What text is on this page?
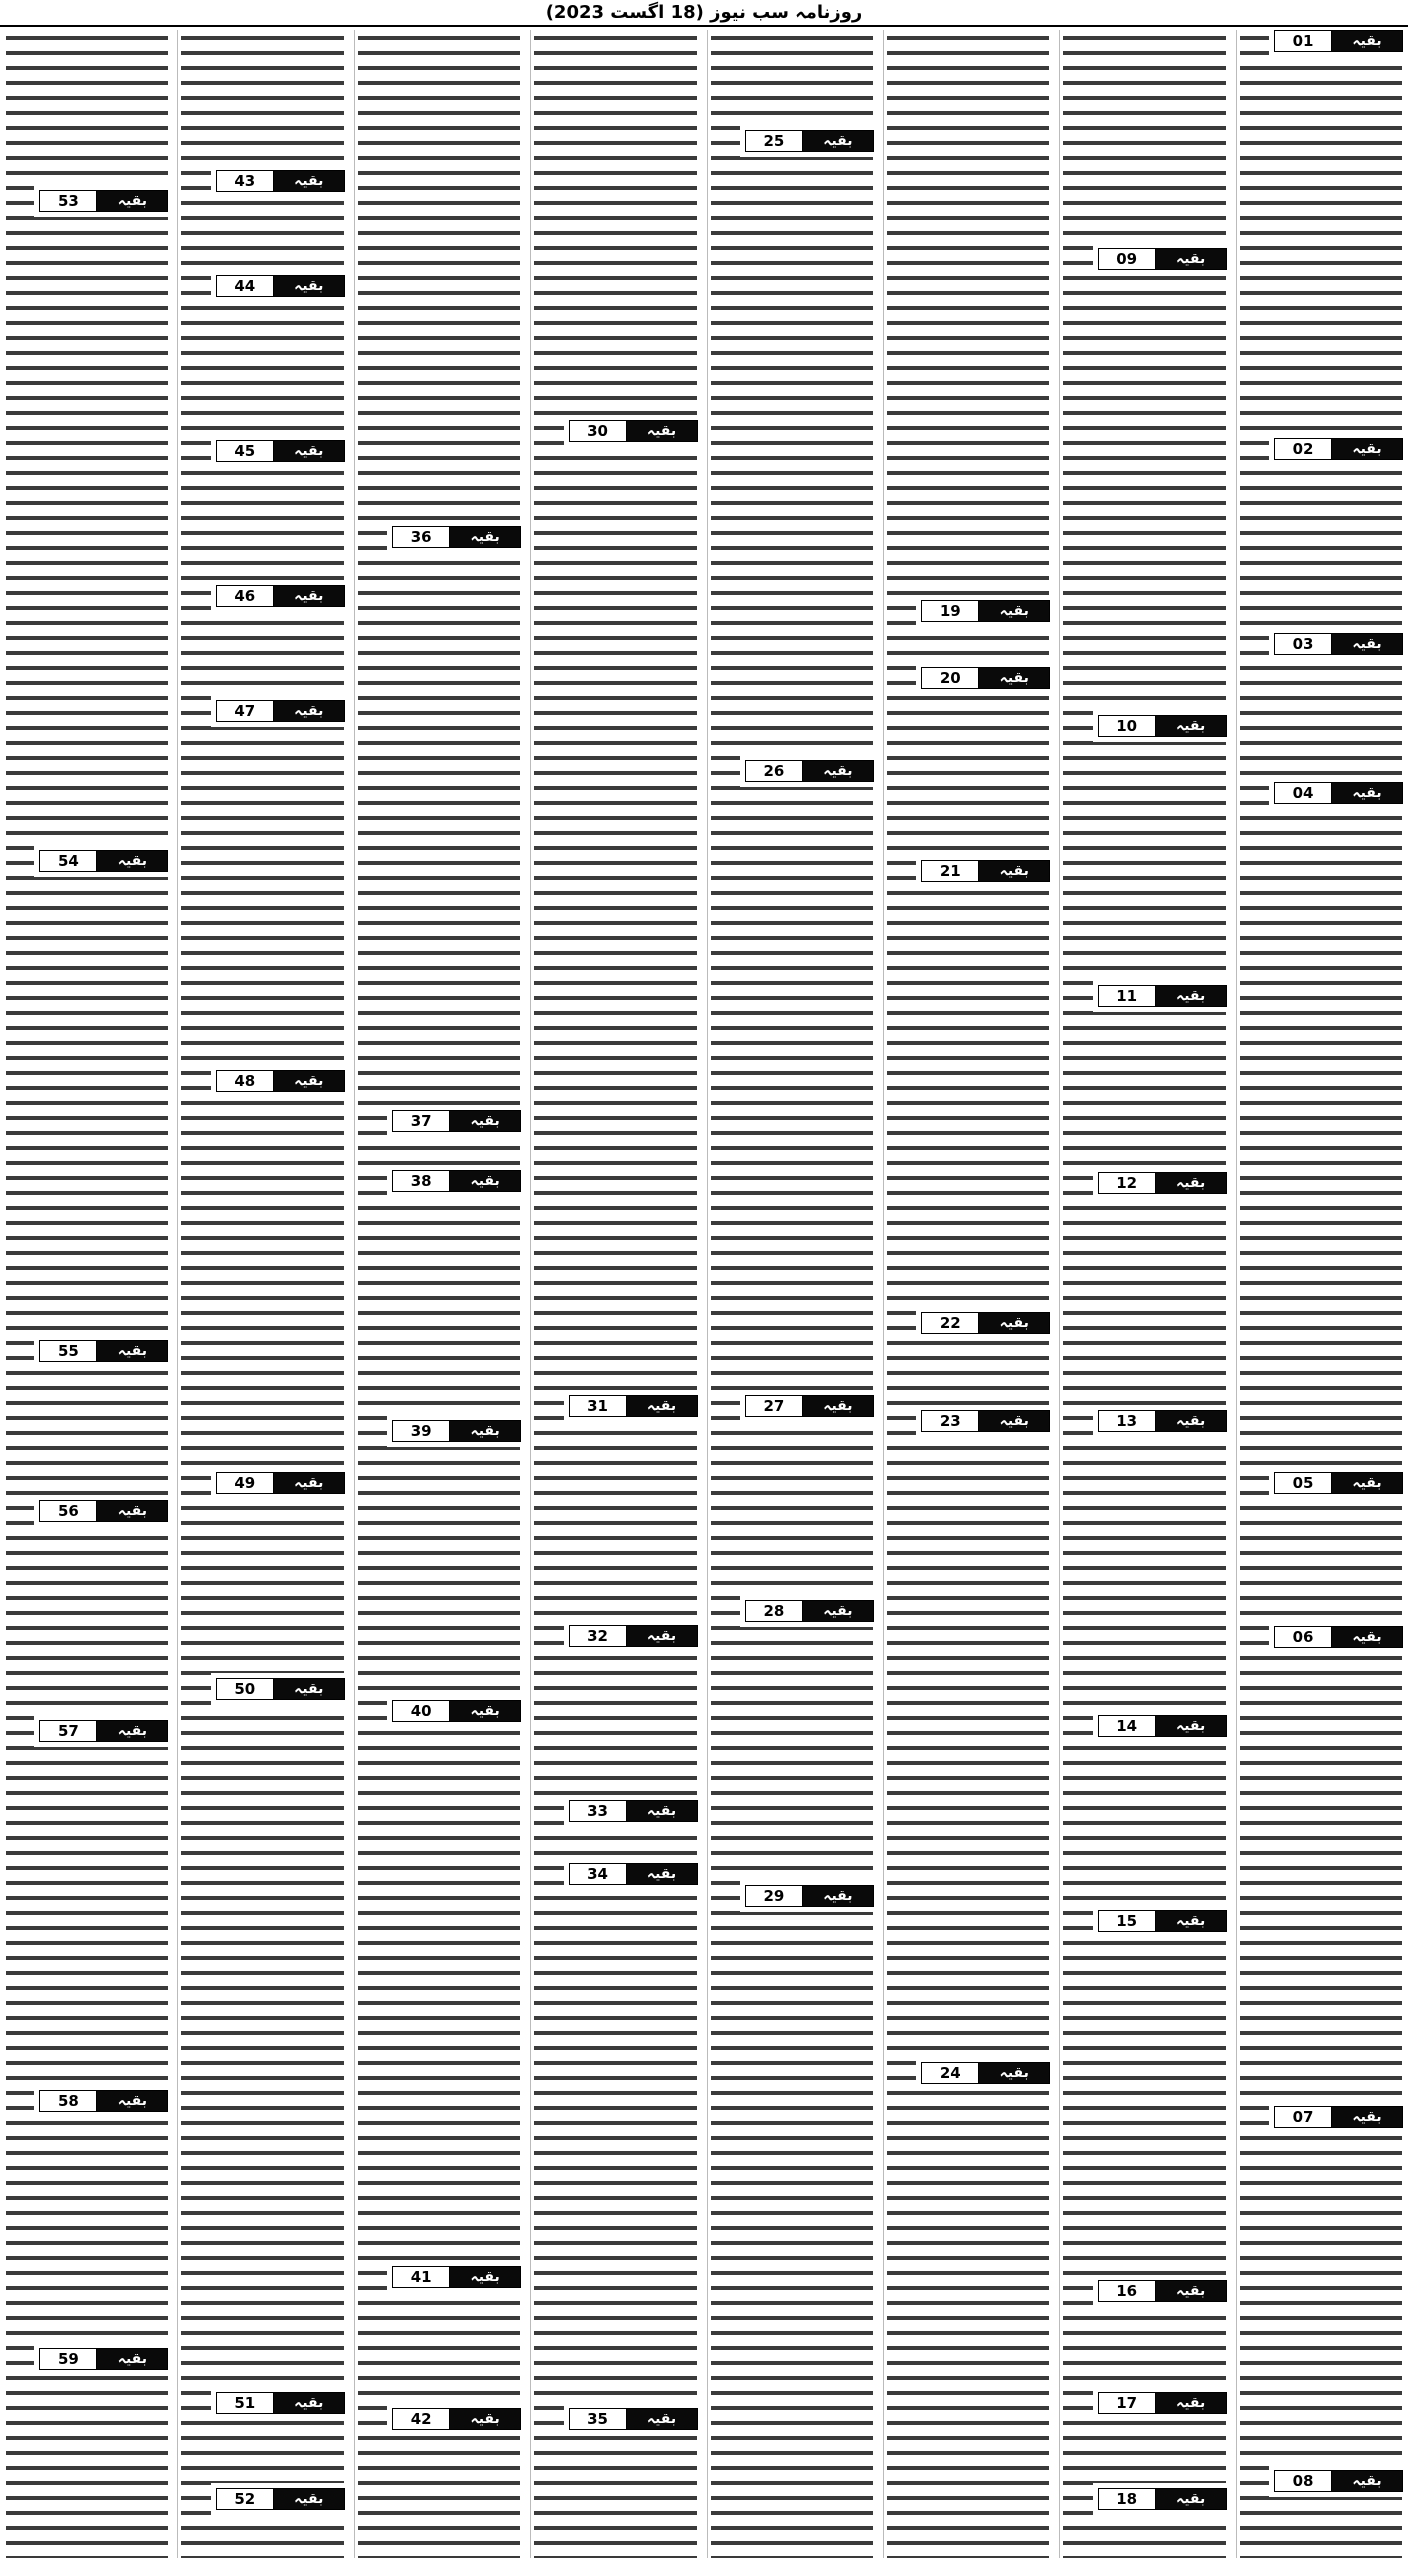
روزنامہ سب نیوز (18 اگست 2023)
بقیہ
01
بقیہ
02
بقیہ
03
بقیہ
04
بقیہ
05
بقیہ
06
بقیہ
07
بقیہ
08
بقیہ
09
بقیہ
10
بقیہ
11
بقیہ
12
بقیہ
13
بقیہ
14
بقیہ
15
بقیہ
16
بقیہ
17
بقیہ
18
بقیہ
19
بقیہ
20
بقیہ
21
بقیہ
22
بقیہ
23
بقیہ
24
بقیہ
25
بقیہ
26
بقیہ
27
بقیہ
28
بقیہ
29
بقیہ
30
بقیہ
31
بقیہ
32
بقیہ
33
بقیہ
34
بقیہ
35
بقیہ
36
بقیہ
37
بقیہ
38
بقیہ
39
بقیہ
40
بقیہ
41
بقیہ
42
بقیہ
43
بقیہ
44
بقیہ
45
بقیہ
46
بقیہ
47
بقیہ
48
بقیہ
49
بقیہ
50
بقیہ
51
بقیہ
52
بقیہ
53
بقیہ
54
بقیہ
55
بقیہ
56
بقیہ
57
بقیہ
58
بقیہ
59
